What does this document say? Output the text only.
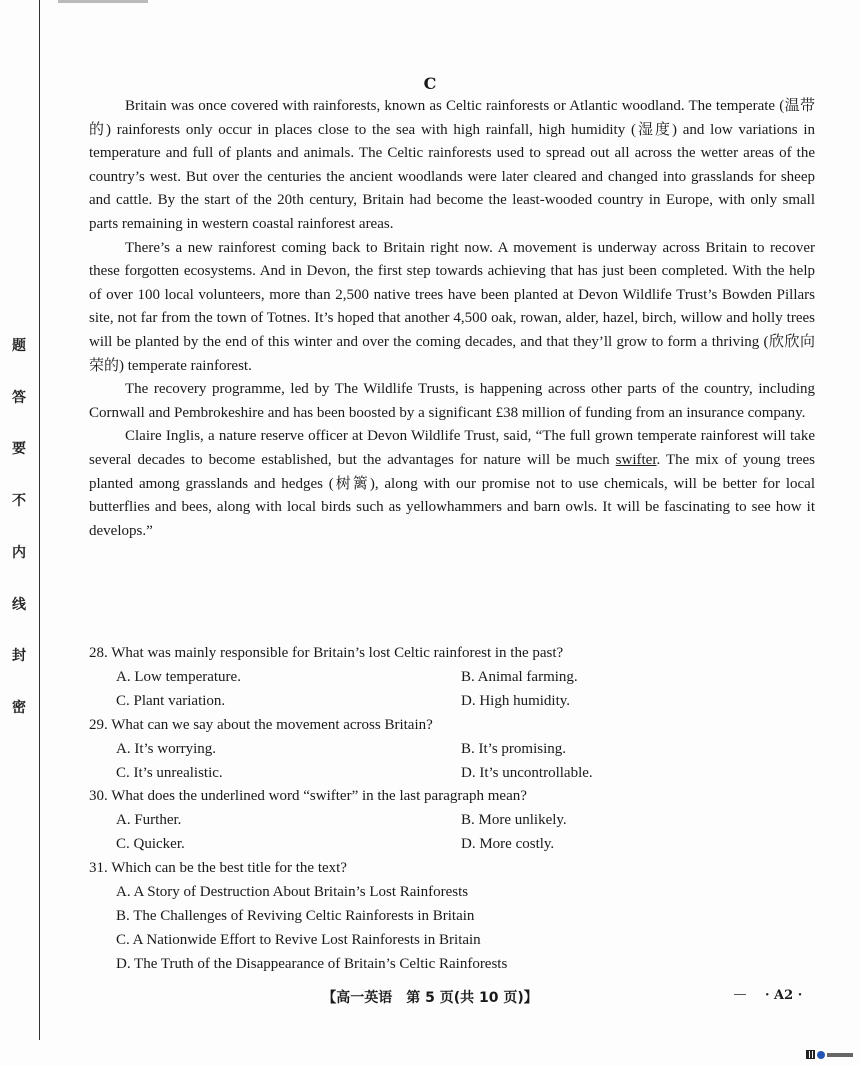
题
答
要
不
内
线
封
密
C

Britain was once covered with rainforests, known as Celtic rainforests or Atlantic woodland. The temperate (温带的) rainforests only occur in places close to the sea with high rainfall, high humidity (湿度) and low variations in temperature and full of plants and animals. The Celtic rainforests used to spread out all across the wetter areas of the country’s west. But over the centuries the ancient woodlands were later cleared and changed into grasslands for sheep and cattle. By the start of the 20th century, Britain had become the least-wooded country in Europe, with only small parts remaining in western coastal rainforest areas.

There’s a new rainforest coming back to Britain right now. A movement is underway across Britain to recover these forgotten ecosystems. And in Devon, the first step towards achieving that has just been completed. With the help of over 100 local volunteers, more than 2,500 native trees have been planted at Devon Wildlife Trust’s Bowden Pillars site, not far from the town of Totnes. It’s hoped that another 4,500 oak, rowan, alder, hazel, birch, willow and holly trees will be planted by the end of this winter and over the coming decades, and that they’ll grow to form a thriving (欣欣向荣的) temperate rainforest.

The recovery programme, led by The Wildlife Trusts, is happening across other parts of the country, including Cornwall and Pembrokeshire and has been boosted by a significant £38 million of funding from an insurance company.

Claire Inglis, a nature reserve officer at Devon Wildlife Trust, said, “The full grown temperate rainforest will take several decades to become established, but the advantages for nature will be much swifter. The mix of young trees planted among grasslands and hedges (树篱), along with our promise not to use chemicals, will be better for local butterflies and bees, along with local birds such as yellowhammers and barn owls. It will be fascinating to see how it develops.”

28. What was mainly responsible for Britain’s lost Celtic rainforest in the past?

A. Low temperature.	B. Animal farming.
C. Plant variation.	D. High humidity.

29. What can we say about the movement across Britain?

A. It’s worrying.	B. It’s promising.
C. It’s unrealistic.	D. It’s uncontrollable.

30. What does the underlined word “swifter” in the last paragraph mean?

A. Further.	B. More unlikely.
C. Quicker.	D. More costly.

31. Which can be the best title for the text?

A. A Story of Destruction About Britain’s Lost Rainforests
B. The Challenges of Reviving Celtic Rainforests in Britain
C. A Nationwide Effort to Revive Lost Rainforests in Britain
D. The Truth of the Disappearance of Britain’s Celtic Rainforests
【高一英语　第 5 页(共 10 页)】	· A2 ·
